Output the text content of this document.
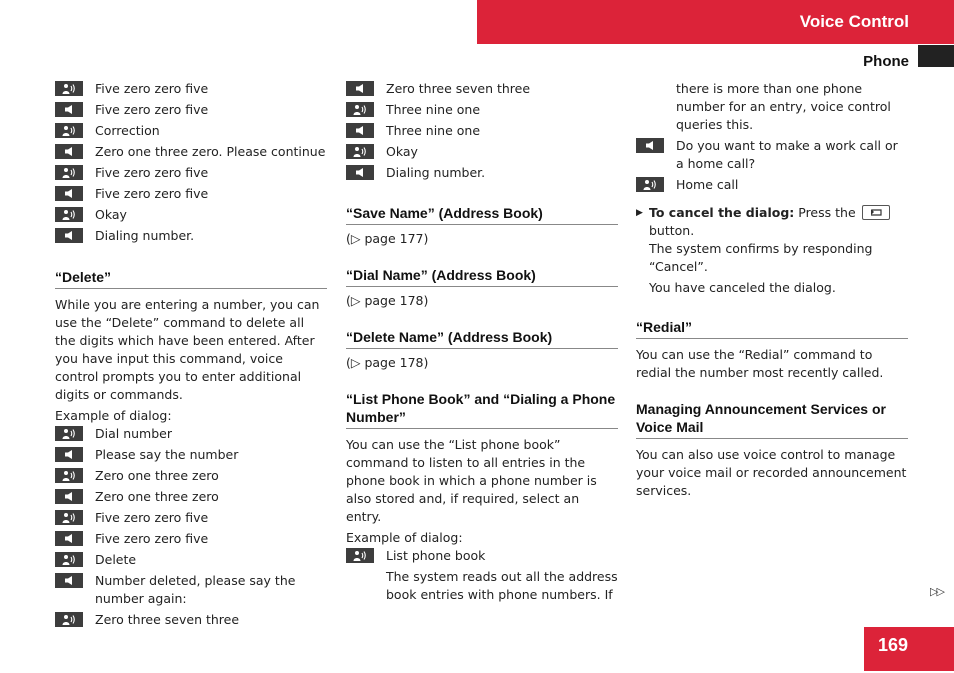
Voice Control
Phone
Five zero zero five
Five zero zero five
Correction
Zero one three zero. Please continue
Five zero zero five
Five zero zero five
Okay
Dialing number.
“Delete”

While you are entering a number, you can use the “Delete” command to delete all the digits which have been entered. After you have input this command, voice control prompts you to enter additional digits or commands.

Example of dialog:

Dial number
Please say the number
Zero one three zero
Zero one three zero
Five zero zero five
Five zero zero five
Delete
Number deleted, please say the number again:
Zero three seven three
Zero three seven three
Three nine one
Three nine one
Okay
Dialing number.
“Save Name” (Address Book)

(▷ page 177)

“Dial Name” (Address Book)

(▷ page 178)

“Delete Name” (Address Book)

(▷ page 178)

“List Phone Book” and “Dialing a Phone Number”

You can use the “List phone book” command to listen to all entries in the phone book in which a phone number is also stored and, if required, select an entry.

Example of dialog:

List phone book

The system reads out all the address book entries with phone numbers. If

there is more than one phone number for an entry, voice control queries this.

Do you want to make a work call or a home call?
Home call
▶ To cancel the dialog: Press the
button.

The system confirms by responding “Cancel”.

You have canceled the dialog.

“Redial”

You can use the “Redial” command to redial the number most recently called.

Managing Announcement Services or Voice Mail

You can also use voice control to manage your voice mail or recorded announcement services.

▷▷
169
